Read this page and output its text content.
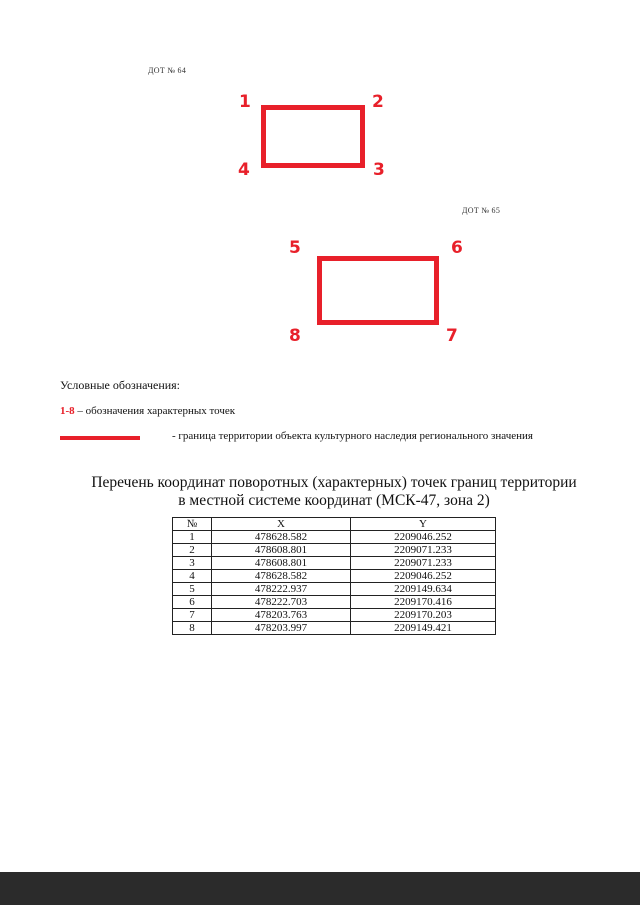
ДОТ № 64
1	2
4	3
ДОТ № 65
5	6
8	7
Условные обозначения:
1-8 – обозначения характерных точек
- граница территории объекта культурного наследия регионального значения
Перечень координат поворотных (характерных) точек границ территории
в местной системе координат (МСК-47, зона 2)
№	X	Y
1	478628.582	2209046.252
2	478608.801	2209071.233
3	478608.801	2209071.233
4	478628.582	2209046.252
5	478222.937	2209149.634
6	478222.703	2209170.416
7	478203.763	2209170.203
8	478203.997	2209149.421
